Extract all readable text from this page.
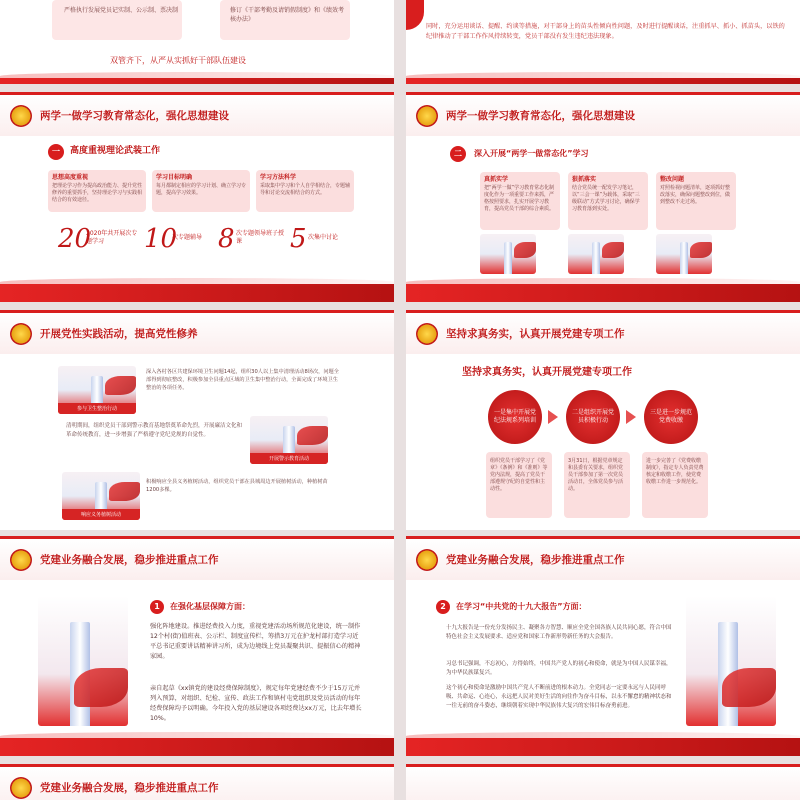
严格执行发展党员记实制、公示制、票决制	修订《干部考勤及请销假制度》和《绩效考核办法》
双管齐下，从严从实抓好干部队伍建设
同时，充分运用谈话、提醒、约谈等措施，对干部身上的苗头性倾向性问题，及时进行提醒谈话，注重抓早、抓小、抓苗头，以铁的纪律推动了干部工作作风持续转变，党员干部没有发生违纪违法现象。
两学一做学习教育常态化，强化思想建设
一	高度重视理论武装工作
思想高度重视
把理论学习作为提高政治能力、提升党性修养的重要抓手，坚持理论学习与实践相结合的有效途径。
学习目标明确
每月都制定相应的学习计划、确立学习专题，提高学习效果。
学习方法科学
采取集中学习和个人自学相结合，专题辅导和讨论交流相结合的方式。
20
2020年共开展次专题学习	10
次专题辅导 8 次专题领导班子授课	5 次集中讨论
两学一做学习教育常态化，强化思想建设
二	深入开展“两学一做常态化”学习
真抓实学
把“两学一做”学习教育常态化制度化作为一项重要工作来抓，严格按照要求，扎实开展学习教育，提高党员干部的综合素质。
狠抓落实
结合党员统一配发学习笔记，以“三会一课”为载体，采取“三级联动”方式学习讨论，确保学习教育落到实处。
整改问题
对照检视问题清单，逐项抓好整改落实，确保问题整改到位，做到整改不走过场。
开展党性实践活动，提高党性修养
参与卫生整治行动
深入各村各区共建保环境卫生问题14起，组织30人以上集中清理活动8场次，问题全部得到彻底整改，积极参加全县重点区域的卫生集中整治行动，全面完成了环境卫生整治的各项任务。
清明期间，组织党员干部到警示教育基地祭奠革命先烈，开展廉洁文化和革命传统教育，进一步增强了严格遵守党纪党规的自觉性。
开展警示教育活动
响应义务植树活动
积极响应全县义务植树活动，组织党员干部在县城周边开展植树活动，种植树苗1200多棵。
坚持求真务实，认真开展党建专项工作
坚持求真务实，认真开展党建专项工作
一是集中开展党纪法规系列培训
二是组织开展党员积极行动
三是进一步规范党费收缴
组织党员干部学习了《党章》《条例》和《准则》等党内法规，提高了党员干部遵规守纪的自觉性和主动性。
3月31日，根据党章规定和县委有关要求，组织党员干部参加了第一次党员活动日，全体党员参与活动。
进一步完善了《党费收缴制度》，指定专人负责党费核定和收缴工作，使党费收缴工作进一步规范化。
党建业务融合发展，稳步推进重点工作
1	在强化基层保障方面：
强化阵地建设。推进经费投入力度，重视党建活动场所规范化建设，统一制作12个村(街)值班表、公示栏、制度宣传栏，筹措3万元在护龙村部打造学习近平总书记重要讲话精神讲习所，成为边境线上党员凝聚共识、提振信心的精神家园。
亲自起草《xx镇党的建设经费保障制度》，规定每年党建经费不少于15万元并列入预算，对组织、纪检、宣传、政法工作和镇村屯党组织及党员活动的每年经费保障均予以明确。今年投入党的基层建设各项经费达xx万元，比去年增长10%。
党建业务融合发展，稳步推进重点工作
2	在学习“中共党的十九大报告”方面：
十九大报告是一份充分发扬民主、凝聚各方智慧、顺应全党全国各族人民共同心愿，符合中国特色社会主义发展要求、适应党和国家工作新形势新任务的大会报告。
习总书记强调，不忘初心，方得始终，中国共产党人的初心和使命，就是为中国人民谋幸福，为中华民族谋复兴。
这个初心和使命是激励中国共产党人不断前进的根本动力。全党同志一定要永远与人民同呼吸、共命运、心连心，永远把人民对美好生活的向往作为奋斗目标，以永不懈怠的精神状态和一往无前的奋斗姿态，继续朝着实现中华民族伟大复兴的宏伟目标奋勇前进。
党建业务融合发展，稳步推进重点工作
